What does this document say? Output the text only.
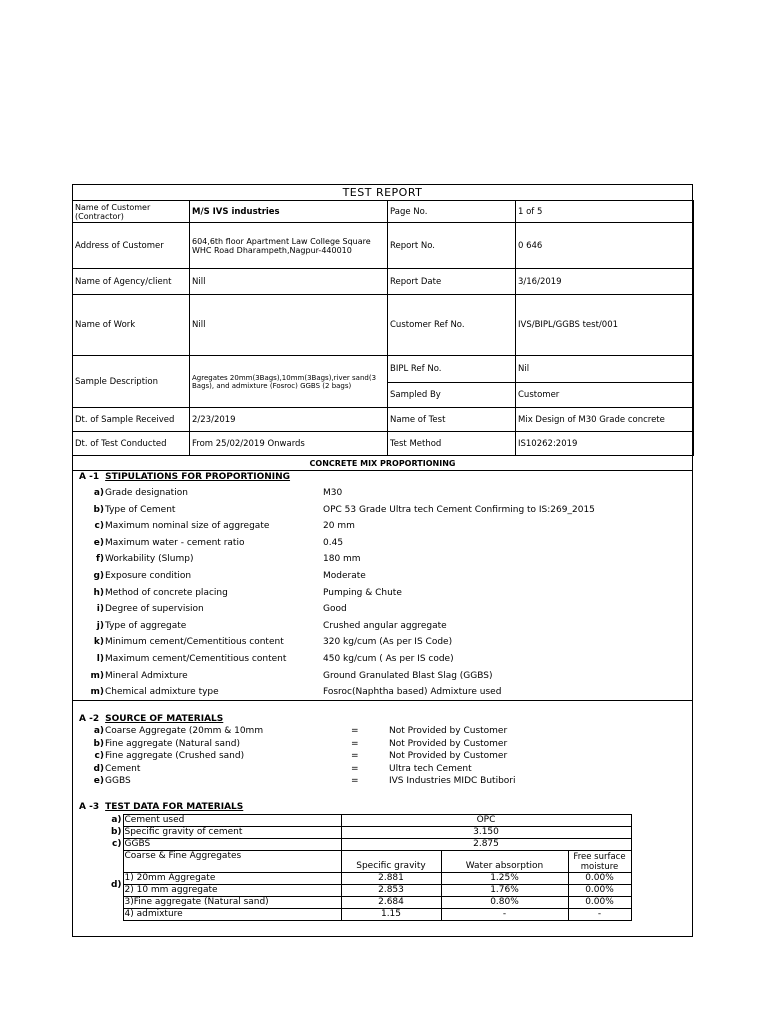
TEST REPORT
Name of Customer (Contractor)	M/S IVS industries	Page No.	1 of 5
Address of Customer	604,6th floor Apartment Law College Square WHC Road Dharampeth,Nagpur-440010	Report No.	0 646
Name of Agency/client	Nill	Report Date	3/16/2019
Name of Work	Nill	Customer Ref No.	IVS/BIPL/GGBS test/001
Sample Description	Agregates 20mm(3Bags),10mm(3Bags),river sand(3 Bags), and admixture (Fosroc) GGBS (2 bags)	BIPL Ref No.	Nil
		Sampled By	Customer
Dt. of Sample Received	2/23/2019	Name of Test	Mix Design of M30 Grade concrete
Dt. of Test Conducted	From 25/02/2019 Onwards	Test Method	IS10262:2019
CONCRETE MIX PROPORTIONING
A -1 STIPULATIONS FOR PROPORTIONING
a) Grade designation	M30
b) Type of Cement	OPC 53 Grade Ultra tech Cement Confirming to IS:269_2015
c) Maximum nominal size of aggregate	20 mm
e) Maximum water - cement ratio	0.45
f) Workability (Slump)	180 mm
g) Exposure condition	Moderate
h) Method of concrete placing	Pumping & Chute
i) Degree of supervision	Good
j) Type of aggregate	Crushed angular aggregate
k) Minimum cement/Cementitious content	320 kg/cum (As per IS Code)
l) Maximum cement/Cementitious content	450 kg/cum ( As per IS code)
m) Mineral Admixture	Ground Granulated Blast Slag (GGBS)
m) Chemical admixture type	Fosroc(Naphtha based) Admixture used
A -2 SOURCE OF MATERIALS
a) Coarse Aggregate (20mm & 10mm	=	Not Provided by Customer
b) Fine aggregate (Natural sand)	=	Not Provided by Customer
c) Fine aggregate (Crushed sand)	=	Not Provided by Customer
d) Cement	=	Ultra tech Cement
e) GGBS	=	IVS Industries MIDC Butibori
A -3 TEST DATA FOR MATERIALS
a)	Cement used	OPC		
b)	Specific gravity of cement	3.150		
c)	GGBS	2.875		
d)	Coarse & Fine Aggregates	Specific gravity	Water absorption	Free surface moisture
	1) 20mm Aggregate	2.881	1.25%	0.00%
	2) 10 mm aggregate	2.853	1.76%	0.00%
	3)Fine aggregate (Natural sand)	2.684	0.80%	0.00%
	4) admixture	1.15	-	-
